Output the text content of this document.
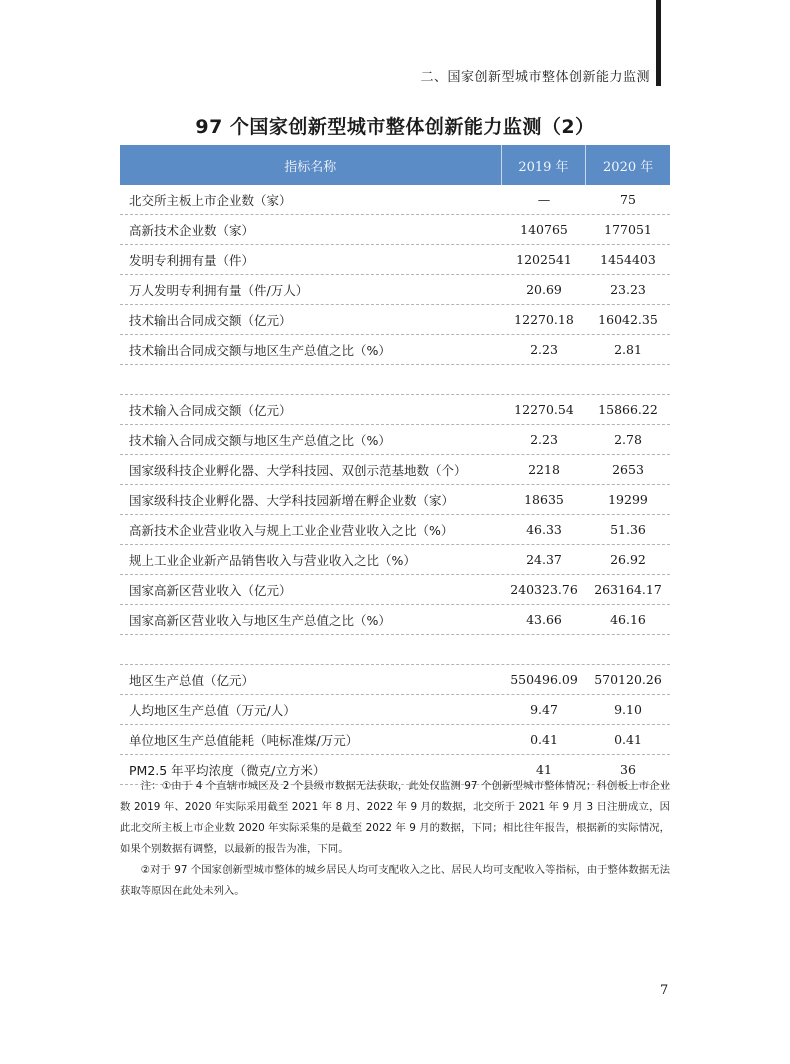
二、国家创新型城市整体创新能力监测
97 个国家创新型城市整体创新能力监测（2）
指标名称	2019 年	2020 年
北交所主板上市企业数（家）	—	75
高新技术企业数（家）	140765	177051
发明专利拥有量（件）	1202541	1454403
万人发明专利拥有量（件/万人）	20.69	23.23
技术输出合同成交额（亿元）	12270.18	16042.35
技术输出合同成交额与地区生产总值之比（%）	2.23	2.81
技术输入合同成交额（亿元）	12270.54	15866.22
技术输入合同成交额与地区生产总值之比（%）	2.23	2.78
国家级科技企业孵化器、大学科技园、双创示范基地数（个）	2218	2653
国家级科技企业孵化器、大学科技园新增在孵企业数（家）	18635	19299
高新技术企业营业收入与规上工业企业营业收入之比（%）	46.33	51.36
规上工业企业新产品销售收入与营业收入之比（%）	24.37	26.92
国家高新区营业收入（亿元）	240323.76	263164.17
国家高新区营业收入与地区生产总值之比（%）	43.66	46.16
地区生产总值（亿元）	550496.09	570120.26
人均地区生产总值（万元/人）	9.47	9.10
单位地区生产总值能耗（吨标准煤/万元）	0.41	0.41
PM2.5 年平均浓度（微克/立方米）	41	36

注：①由于 4 个直辖市城区及 2 个县级市数据无法获取，此处仅监测 97 个创新型城市整体情况；科创板上市企业数 2019 年、2020 年实际采用截至 2021 年 8 月、2022 年 9 月的数据，北交所于 2021 年 9 月 3 日注册成立，因此北交所主板上市企业数 2020 年实际采集的是截至 2022 年 9 月的数据，下同；相比往年报告，根据新的实际情况，如果个别数据有调整，以最新的报告为准，下同。

②对于 97 个国家创新型城市整体的城乡居民人均可支配收入之比、居民人均可支配收入等指标，由于整体数据无法获取等原因在此处未列入。

7
